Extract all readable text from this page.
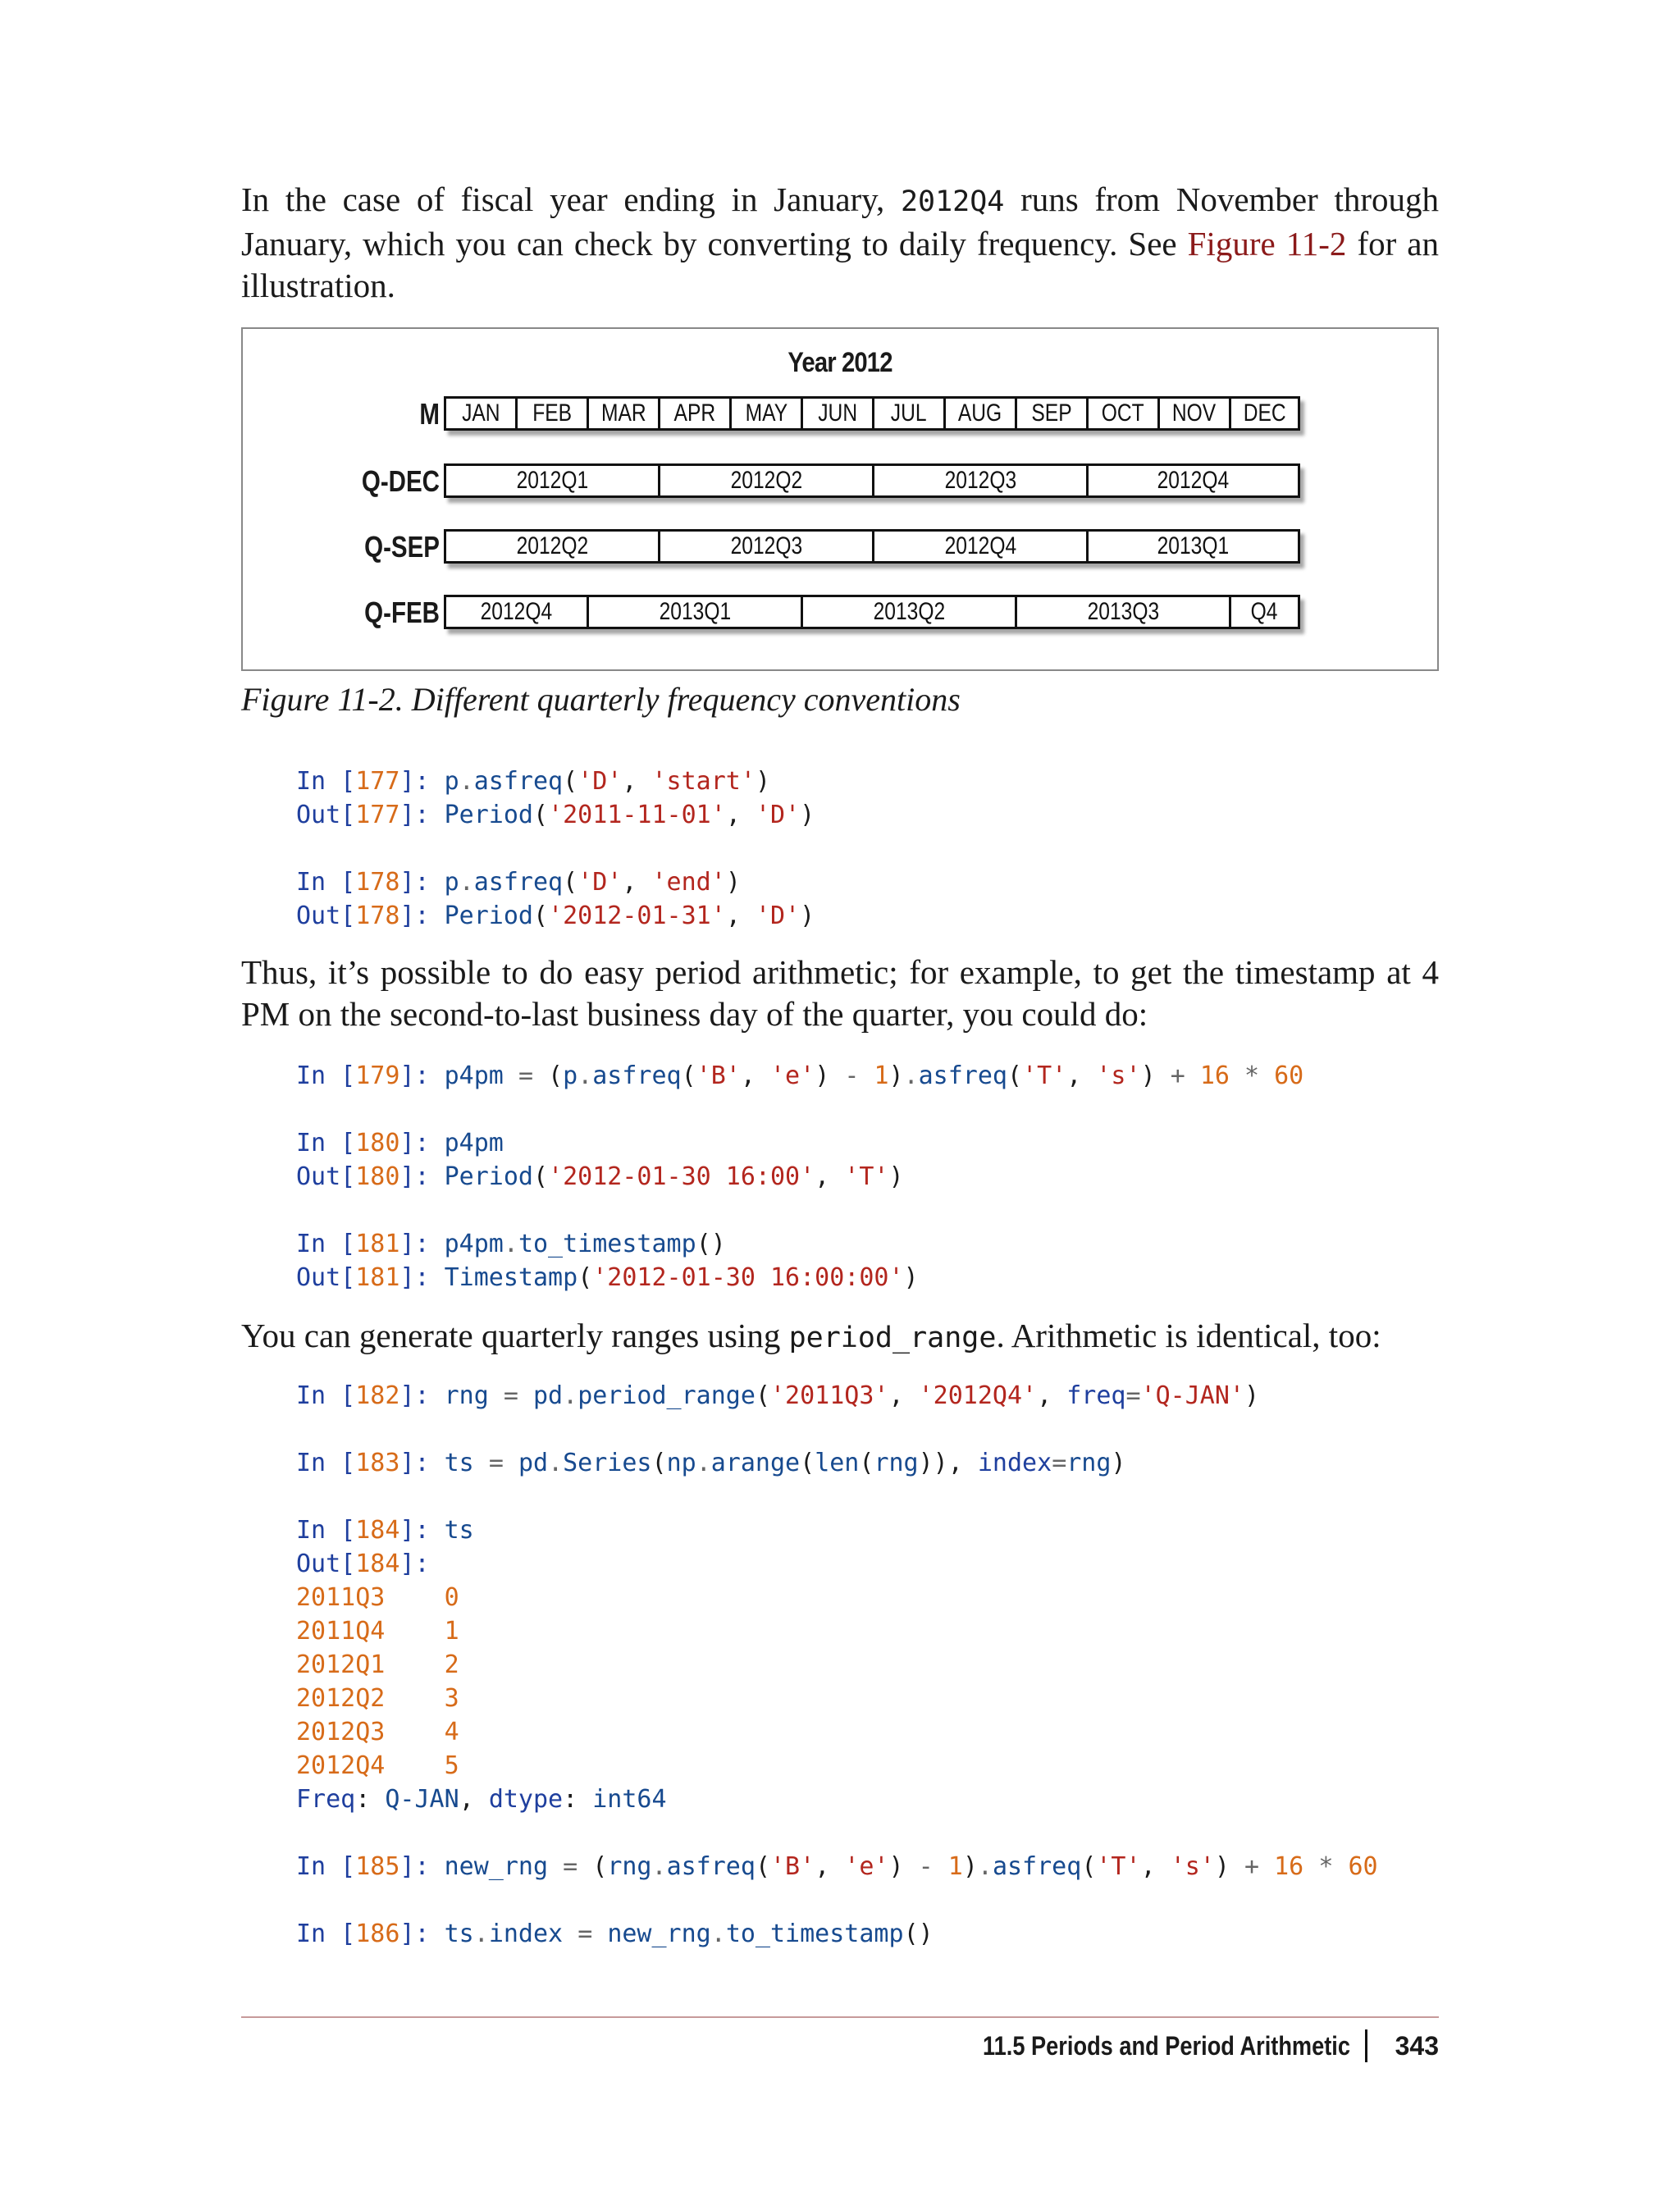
In the case of fiscal year ending in January, 2012Q4 runs from November through January, which you can check by converting to daily frequency. See Figure 11-2 for an illustration.

Year 2012
M JAN FEB MAR APR MAY JUN JUL AUG SEP OCT NOV DEC
Q-DEC	2012Q1	2012Q2	2012Q3	2012Q4
Q-SEP	2012Q2	2012Q3	2012Q4	2013Q1
Q-FEB 2012Q4	2013Q1	2013Q2	2013Q3	Q4

Figure 11-2. Different quarterly frequency conventions

In [177]: p.asfreq('D', 'start')
Out[177]: Period('2011-11-01', 'D')

In [178]: p.asfreq('D', 'end')
Out[178]: Period('2012-01-31', 'D')

Thus, it’s possible to do easy period arithmetic; for example, to get the timestamp at 4 PM on the second-to-last business day of the quarter, you could do:

In [179]: p4pm = (p.asfreq('B', 'e') - 1).asfreq('T', 's') + 16 * 60

In [180]: p4pm
Out[180]: Period('2012-01-30 16:00', 'T')

In [181]: p4pm.to_timestamp()
Out[181]: Timestamp('2012-01-30 16:00:00')

You can generate quarterly ranges using period_range. Arithmetic is identical, too:

In [182]: rng = pd.period_range('2011Q3', '2012Q4', freq='Q-JAN')

In [183]: ts = pd.Series(np.arange(len(rng)), index=rng)

In [184]: ts
Out[184]:
2011Q3 0
2011Q4 1
2012Q1 2
2012Q2 3
2012Q3 4
2012Q4 5
Freq: Q-JAN, dtype: int64

In [185]: new_rng = (rng.asfreq('B', 'e') - 1).asfreq('T', 's') + 16 * 60

In [186]: ts.index = new_rng.to_timestamp()
11.5 Periods and Period Arithmetic 343
